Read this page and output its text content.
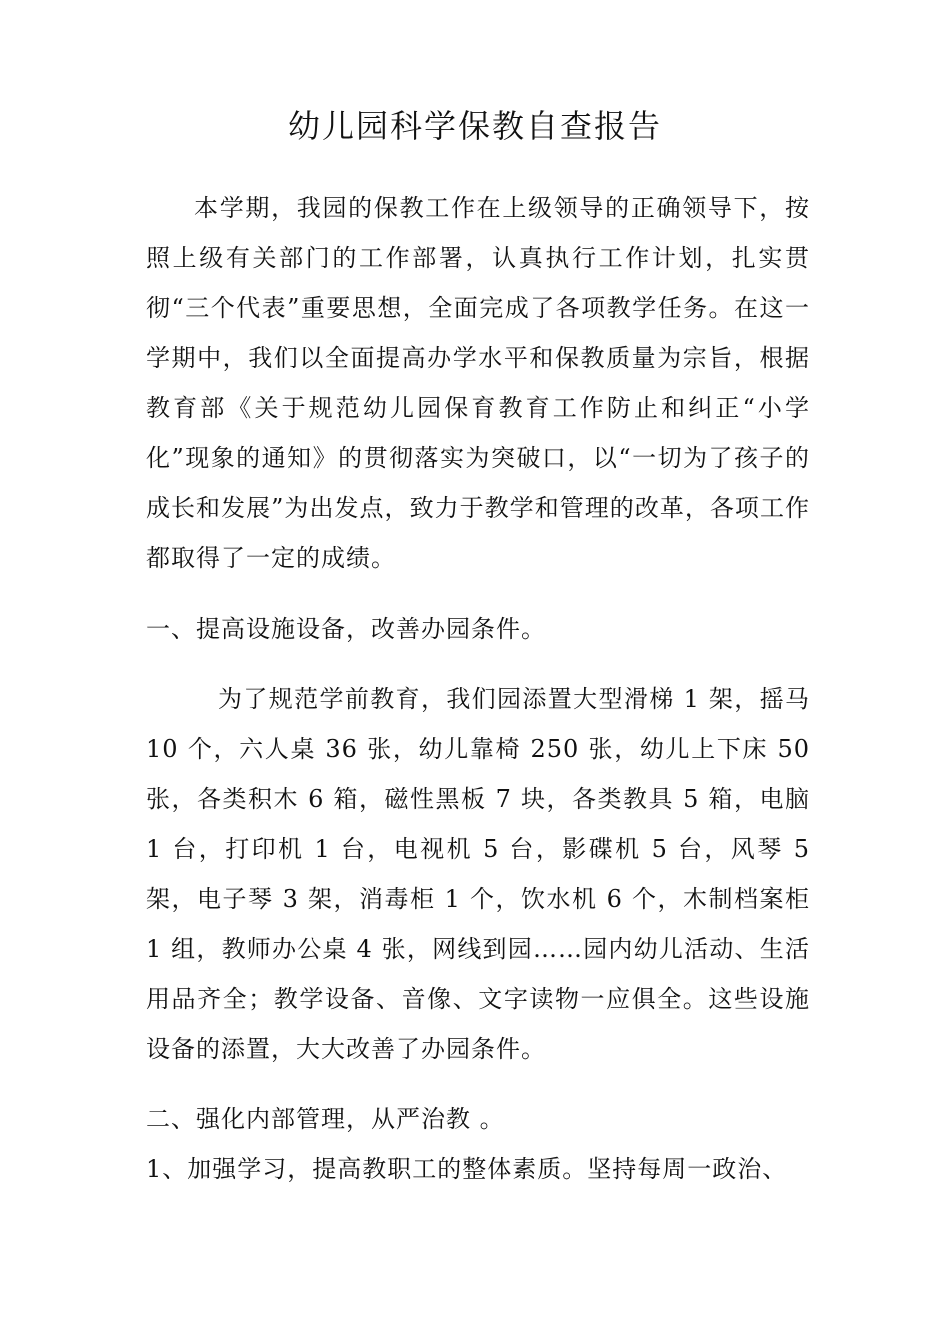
幼儿园科学保教自查报告

本学期，我园的保教工作在上级领导的正确领导下，按照上级有关部门的工作部署，认真执行工作计划，扎实贯彻“三个代表”重要思想，全面完成了各项教学任务。在这一学期中，我们以全面提高办学水平和保教质量为宗旨，根据教育部《关于规范幼儿园保育教育工作防止和纠正“小学化”现象的通知》的贯彻落实为突破口，以“一切为了孩子的成长和发展”为出发点，致力于教学和管理的改革，各项工作都取得了一定的成绩。

一、提高设施设备，改善办园条件。

为了规范学前教育，我们园添置大型滑梯 1 架，摇马 10 个，六人桌 36 张，幼儿靠椅 250 张，幼儿上下床 50 张，各类积木 6 箱，磁性黑板 7 块，各类教具 5 箱，电脑 1 台，打印机 1 台，电视机 5 台，影碟机 5 台，风琴 5 架，电子琴 3 架，消毒柜 1 个，饮水机 6 个，木制档案柜 1 组，教师办公桌 4 张，网线到园……园内幼儿活动、生活用品齐全；教学设备、音像、文字读物一应俱全。这些设施设备的添置，大大改善了办园条件。

二、强化内部管理，从严治教 。

1、加强学习，提高教职工的整体素质。坚持每周一政治、
